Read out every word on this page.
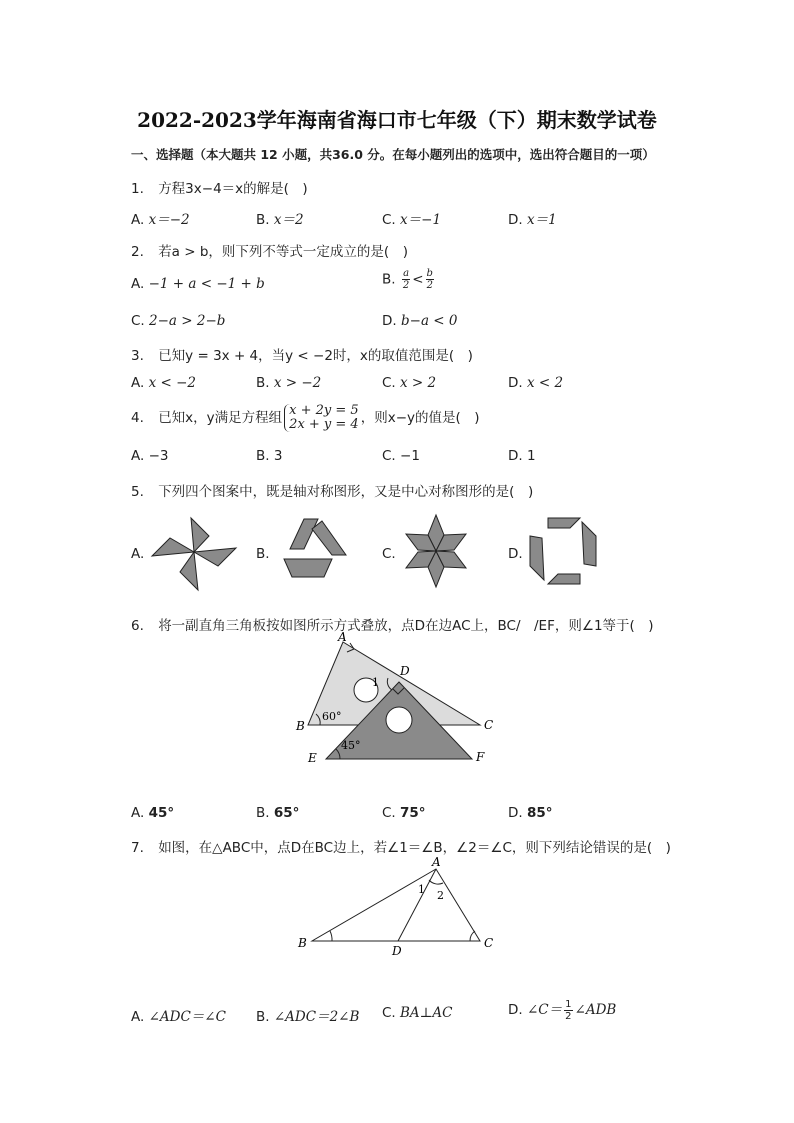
2022-2023学年海南省海口市七年级（下）期末数学试卷
一、选择题（本大题共 12 小题，共36.0 分。在每小题列出的选项中，选出符合题目的一项）
1. 方程3x−4＝x的解是(　)
A. x＝−2	B. x＝2	C. x＝−1	D. x＝1
2. 若a > b，则下列不等式一定成立的是(　)
A. −1 + a < −1 + b	B. $\frac{a}{2} < \frac{b}{2}$
C. 2−a > 2−b	D. b−a < 0
3. 已知y = 3x + 4，当y < −2时，x的取值范围是(　)
A. x < −2	B. x > −2	C. x > 2	D. x < 2
4. 已知x，y满足方程组 x + 2y = 5
2x + y = 4 ，则x−y的值是(　)
A. −3	B. 3	C. −1	D. 1
5. 下列四个图案中，既是轴对称图形，又是中心对称图形的是(　)
A.	B.	C.	D.
6. 将一副直角三角板按如图所示方式叠放，点D在边AC上，BC/　/EF，则∠1等于(　)
A
B	C
D
E	F
1
60°
45°
A. 45°	B. 65°	C. 75°	D. 85°
7. 如图，在△ABC中，点D在BC边上，若∠1＝∠B，∠2＝∠C，则下列结论错误的是(　)
A
B	C
D
1 2
A. ∠ADC＝∠C B. ∠ADC＝2∠B C. BA⊥AC	D. ∠C＝ $\frac{1}{2}$ ∠ADB
